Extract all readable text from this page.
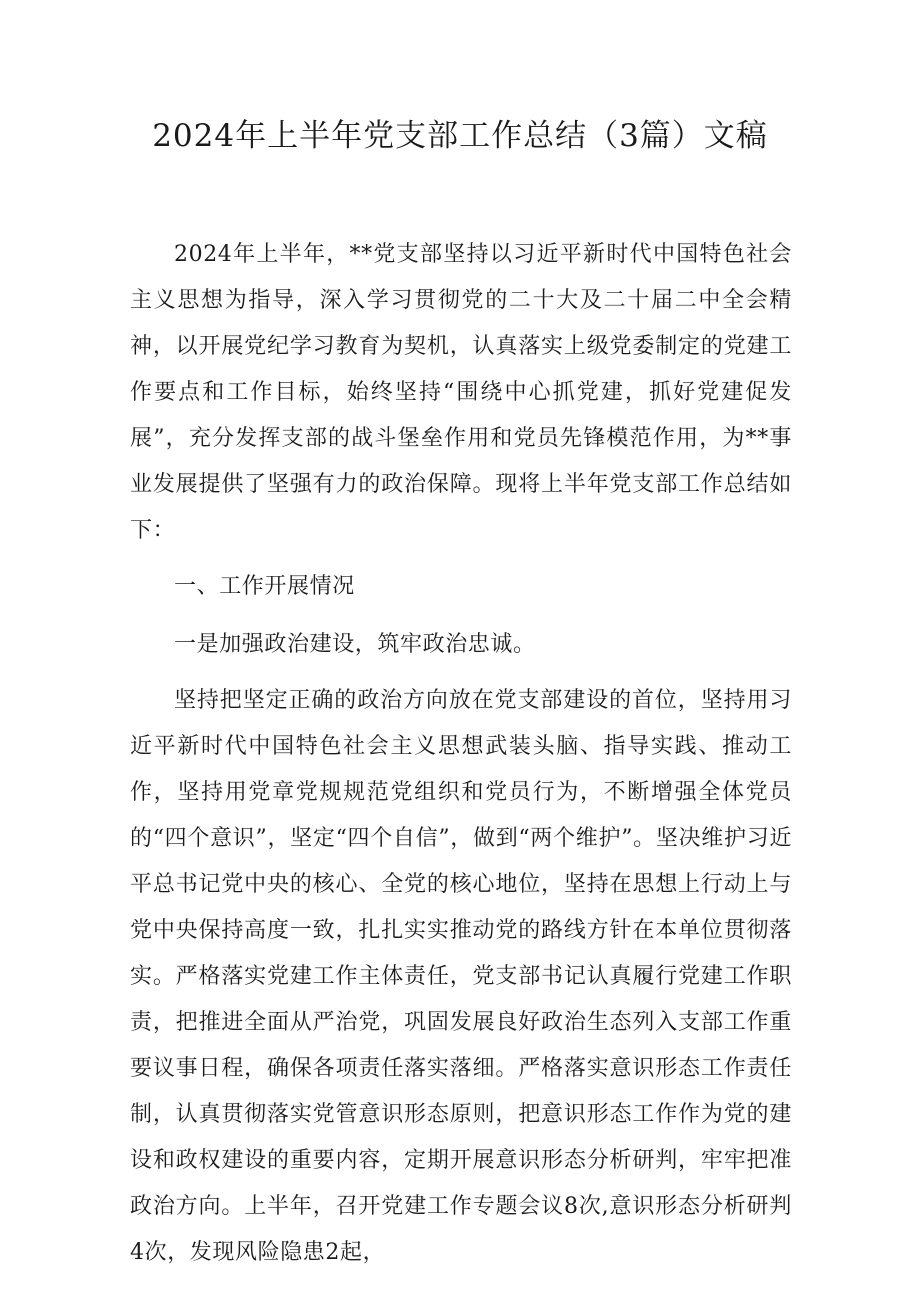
2024年上半年党支部工作总结（3篇）文稿

2024年上半年，**党支部坚持以习近平新时代中国特色社会主义思想为指导，深入学习贯彻党的二十大及二十届二中全会精神，以开展党纪学习教育为契机，认真落实上级党委制定的党建工作要点和工作目标，始终坚持“围绕中心抓党建，抓好党建促发展”，充分发挥支部的战斗堡垒作用和党员先锋模范作用，为**事业发展提供了坚强有力的政治保障。现将上半年党支部工作总结如下：

一、工作开展情况

一是加强政治建设，筑牢政治忠诚。

坚持把坚定正确的政治方向放在党支部建设的首位，坚持用习近平新时代中国特色社会主义思想武装头脑、指导实践、推动工作，坚持用党章党规规范党组织和党员行为，不断增强全体党员的“四个意识”，坚定“四个自信”，做到“两个维护”。坚决维护习近平总书记党中央的核心、全党的核心地位，坚持在思想上行动上与党中央保持高度一致，扎扎实实推动党的路线方针在本单位贯彻落实。严格落实党建工作主体责任，党支部书记认真履行党建工作职责，把推进全面从严治党，巩固发展良好政治生态列入支部工作重要议事日程，确保各项责任落实落细。严格落实意识形态工作责任制，认真贯彻落实党管意识形态原则，把意识形态工作作为党的建设和政权建设的重要内容，定期开展意识形态分析研判，牢牢把准政治方向。上半年，召开党建工作专题会议8次,意识形态分析研判4次，发现风险隐患2起，
